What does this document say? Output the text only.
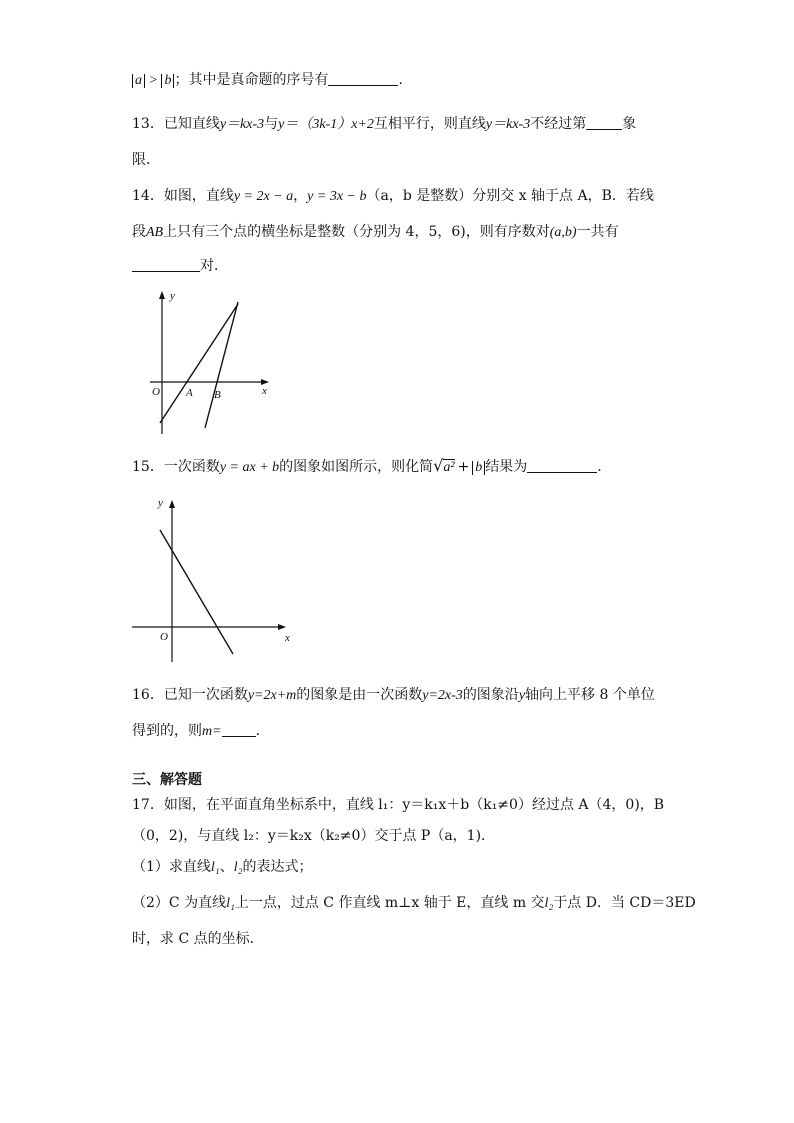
a > b ；其中是真命题的序号有	.
13．已知直线y＝kx-3与y＝（3k-1）x+2互相平行，则直线y＝kx-3不经过第	象
限．
14．如图，直线y = 2x − a，y = 3x − b（a，b 是整数）分别交 x 轴于点 A，B．若线
段AB上只有三个点的横坐标是整数（分别为 4，5，6)，则有序数对(a,b)一共有
对．
y
x
O A B
15．一次函数y = ax + b的图象如图所示，则化简√a² + b 结果为	.
y
x
O
16．已知一次函数y=2x+m的图象是由一次函数y=2x-3的图象沿y轴向上平移 8 个单位
得到的，则m= ．
三、解答题
17．如图，在平面直角坐标系中，直线 l₁：y＝k₁x＋b（k₁≠0）经过点 A（4，0)，B
（0，2)，与直线 l₂：y＝k₂x（k₂≠0）交于点 P（a，1)．
（1）求直线l₁、l₂的表达式；
（2）C 为直线l₁上一点，过点 C 作直线 m⊥x 轴于 E，直线 m 交l₂于点 D．当 CD＝3ED
时，求 C 点的坐标．
